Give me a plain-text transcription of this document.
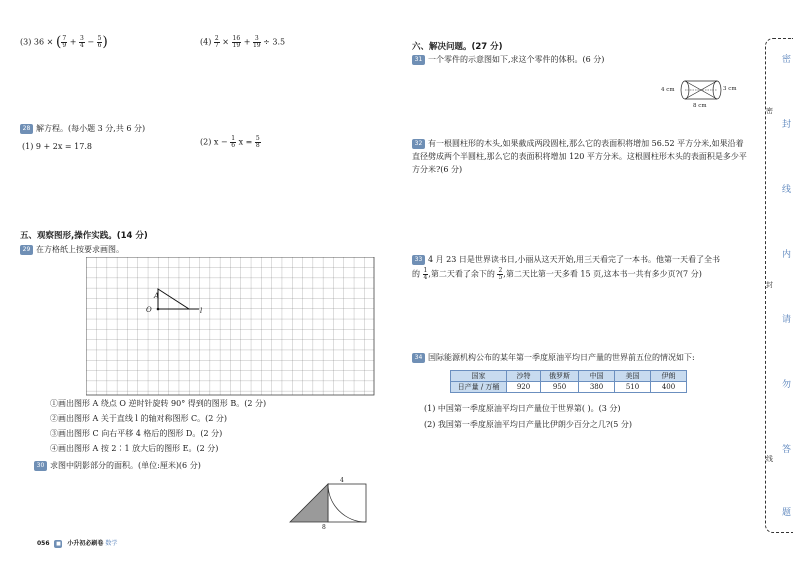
(3) 36 × ( $\frac{7}{9} + \frac{3}{4} - \frac{5}{6}$ )	$(4) \frac{2}{7} \times \frac{16}{19} + \frac{3}{19} \div 3.5$
28 解方程。(每小题 3 分,共 6 分)
(1) 9 + 2x = 17.8	(2) $x - \frac{1}{6}$ $x = \frac{5}{8}$
五、观察图形,操作实践。(14 分)
29 在方格纸上按要求画图。
A
O	l
①画出图形 A 绕点 O 逆时针旋转 90° 得到的图形 B。(2 分)
②画出图形 A 关于直线 l 的轴对称图形 C。(2 分)
③画出图形 C 向右平移 4 格后的图形 D。(2 分)
④画出图形 A 按 2∶1 放大后的图形 E。(2 分)
30 求图中阴影部分的面积。(单位:厘米)(6 分)
4
8
056 ■ 小升初必刷卷 数学
六、解决问题。(27 分)
31 一个零件的示意图如下,求这个零件的体积。(6 分)
4 cm	3 cm
8 cm
32 有一根圆柱形的木头,如果截成两段圆柱,那么它的表面积将增加 56.52 平方分米,如果沿着直径劈成两个半圆柱,那么它的表面积将增加 120 平方分米。这根圆柱形木头的表面积是多少平方分米?(6 分)
33 4 月 23 日是世界读书日,小丽从这天开始,用三天看完了一本书。他第一天看了全书
的 $\frac{1}{4}$ ,第二天看了余下的 $\frac{2}{5}$ ,第二天比第一天多看 15 页,这本书一共有多少页?(7 分)
34 国际能源机构公布的某年第一季度原油平均日产量的世界前五位的情况如下:
国家	沙特	俄罗斯	中国	美国	伊朗
日产量 / 万桶	920	950	380	510	400
(1) 中国第一季度原油平均日产量位于世界第( )。(3 分)
(2) 我国第一季度原油平均日产量比伊朗少百分之几?(5 分)
密
封
线
密
封
线
内
请
勿
答
题
